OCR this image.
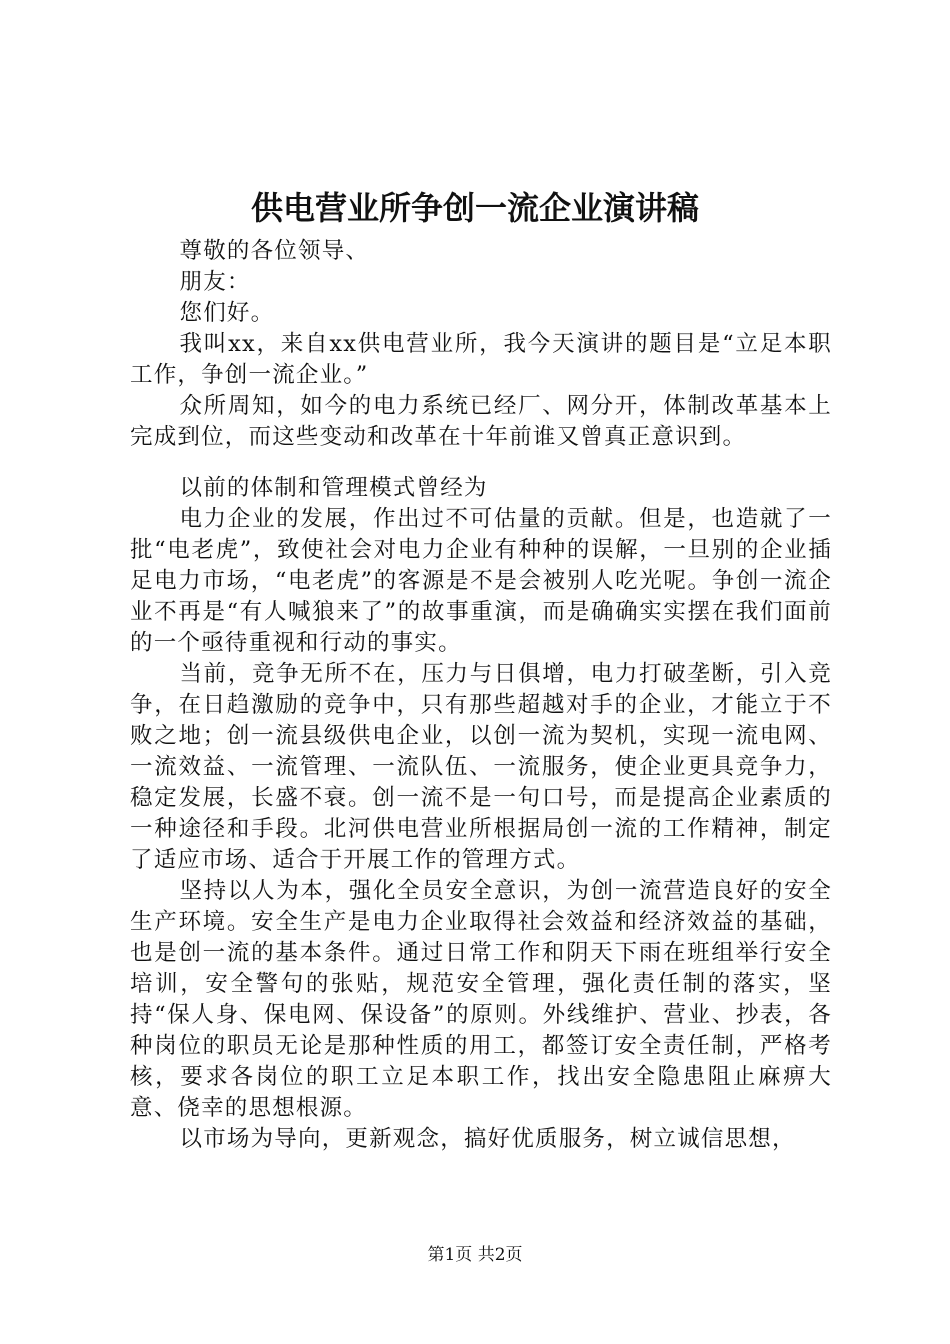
供电营业所争创一流企业演讲稿

尊敬的各位领导、

朋友：

您们好。

我叫xx，来自xx供电营业所，我今天演讲的题目是“立足本职工作，争创一流企业。”

众所周知，如今的电力系统已经厂、网分开，体制改革基本上完成到位，而这些变动和改革在十年前谁又曾真正意识到。

以前的体制和管理模式曾经为

电力企业的发展，作出过不可估量的贡献。但是，也造就了一批“电老虎”，致使社会对电力企业有种种的误解，一旦别的企业插足电力市场，“电老虎”的客源是不是会被别人吃光呢。争创一流企业不再是“有人喊狼来了”的故事重演，而是确确实实摆在我们面前的一个亟待重视和行动的事实。

当前，竞争无所不在，压力与日俱增，电力打破垄断，引入竞争，在日趋激励的竞争中，只有那些超越对手的企业，才能立于不败之地；创一流县级供电企业，以创一流为契机，实现一流电网、一流效益、一流管理、一流队伍、一流服务，使企业更具竞争力，稳定发展，长盛不衰。创一流不是一句口号，而是提高企业素质的一种途径和手段。北河供电营业所根据局创一流的工作精神，制定了适应市场、适合于开展工作的管理方式。

坚持以人为本，强化全员安全意识，为创一流营造良好的安全生产环境。安全生产是电力企业取得社会效益和经济效益的基础，也是创一流的基本条件。通过日常工作和阴天下雨在班组举行安全培训，安全警句的张贴，规范安全管理，强化责任制的落实，坚持“保人身、保电网、保设备”的原则。外线维护、营业、抄表，各种岗位的职员无论是那种性质的用工，都签订安全责任制，严格考核，要求各岗位的职工立足本职工作，找出安全隐患阻止麻痹大意、侥幸的思想根源。

以市场为导向，更新观念，搞好优质服务，树立诚信思想，

第1页 共2页
